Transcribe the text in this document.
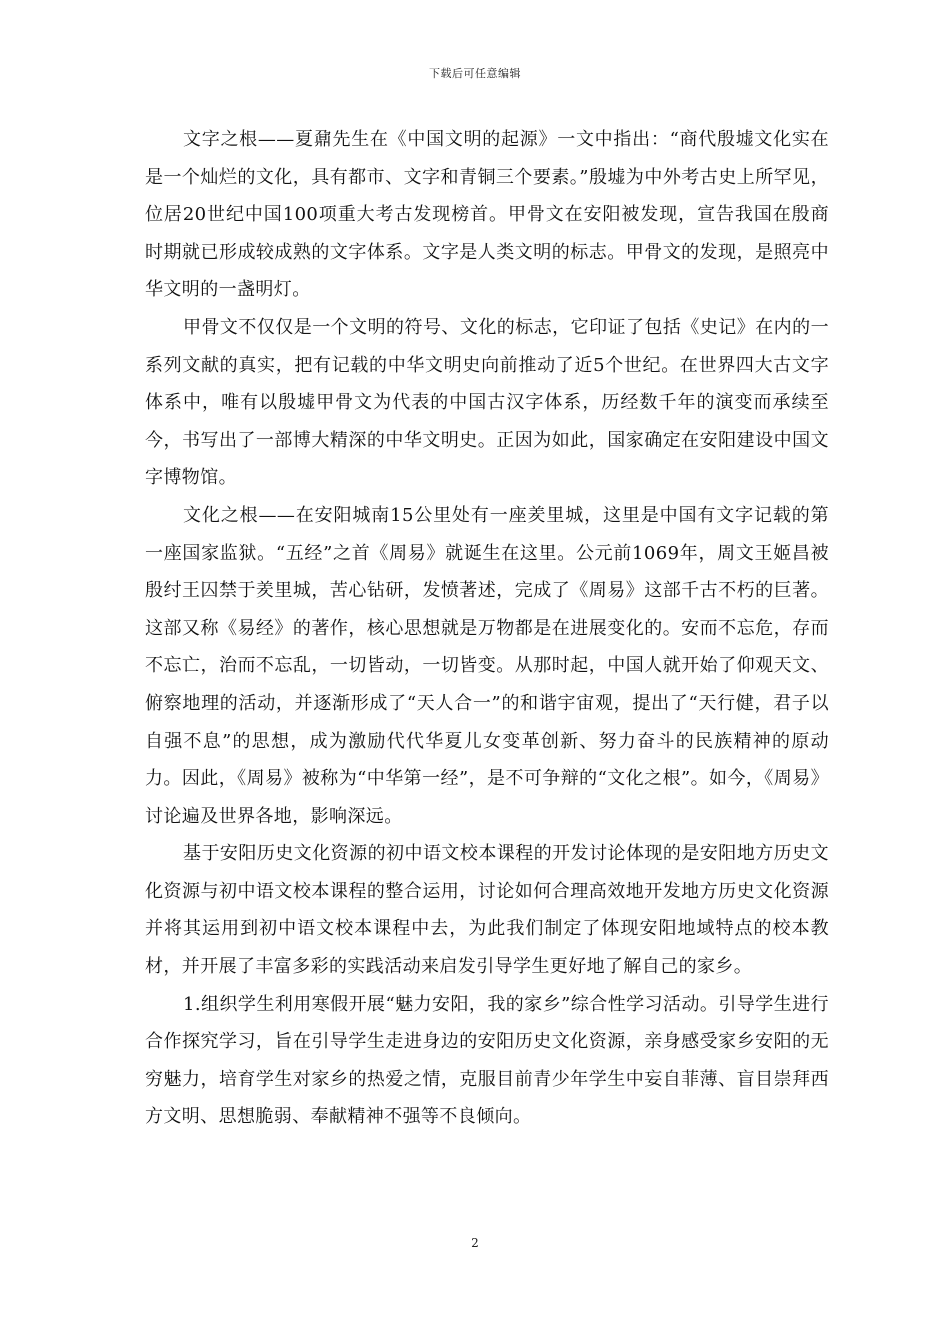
下载后可任意编辑

文字之根——夏鼐先生在《中国文明的起源》一文中指出：“商代殷墟文化实在是一个灿烂的文化，具有都市、文字和青铜三个要素。”殷墟为中外考古史上所罕见，位居20世纪中国100项重大考古发现榜首。甲骨文在安阳被发现，宣告我国在殷商时期就已形成较成熟的文字体系。文字是人类文明的标志。甲骨文的发现，是照亮中华文明的一盏明灯。

甲骨文不仅仅是一个文明的符号、文化的标志，它印证了包括《史记》在内的一系列文献的真实，把有记载的中华文明史向前推动了近5个世纪。在世界四大古文字体系中，唯有以殷墟甲骨文为代表的中国古汉字体系，历经数千年的演变而承续至今，书写出了一部博大精深的中华文明史。正因为如此，国家确定在安阳建设中国文字博物馆。

文化之根——在安阳城南15公里处有一座羑里城，这里是中国有文字记载的第一座国家监狱。“五经”之首《周易》就诞生在这里。公元前1069年，周文王姬昌被殷纣王囚禁于羑里城，苦心钻研，发愤著述，完成了《周易》这部千古不朽的巨著。这部又称《易经》的著作，核心思想就是万物都是在进展变化的。安而不忘危，存而不忘亡，治而不忘乱，一切皆动，一切皆变。从那时起，中国人就开始了仰观天文、俯察地理的活动，并逐渐形成了“天人合一”的和谐宇宙观，提出了“天行健，君子以自强不息”的思想，成为激励代代华夏儿女变革创新、努力奋斗的民族精神的原动力。因此，《周易》被称为“中华第一经”，是不可争辩的“文化之根”。如今，《周易》讨论遍及世界各地，影响深远。

基于安阳历史文化资源的初中语文校本课程的开发讨论体现的是安阳地方历史文化资源与初中语文校本课程的整合运用，讨论如何合理高效地开发地方历史文化资源并将其运用到初中语文校本课程中去，为此我们制定了体现安阳地域特点的校本教材，并开展了丰富多彩的实践活动来启发引导学生更好地了解自己的家乡。

1.组织学生利用寒假开展“魅力安阳，我的家乡”综合性学习活动。引导学生进行合作探究学习，旨在引导学生走进身边的安阳历史文化资源，亲身感受家乡安阳的无穷魅力，培育学生对家乡的热爱之情，克服目前青少年学生中妄自菲薄、盲目崇拜西方文明、思想脆弱、奉献精神不强等不良倾向。

2
